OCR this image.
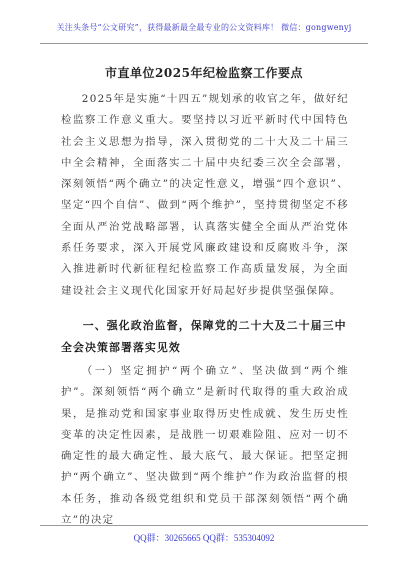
关注头条号“公文研究”，获得最新最全最专业的公文资料库！ 微信：gongwenyj
市直单位2025年纪检监察工作要点

2025年是实施“十四五”规划承的收官之年，做好纪检监察工作意义重大。要坚持以习近平新时代中国特色社会主义思想为指导，深入贯彻党的二十大及二十届三中全会精神，全面落实二十届中央纪委三次全会部署，深刻领悟“两个确立”的决定性意义，增强“四个意识”、坚定“四个自信”、做到“两个维护”，坚持贯彻坚定不移全面从严治党战略部署，认真落实健全全面从严治党体系任务要求，深入开展党风廉政建设和反腐败斗争，深入推进新时代新征程纪检监察工作高质量发展，为全面建设社会主义现代化国家开好局起好步提供坚强保障。

一、强化政治监督，保障党的二十大及二十届三中全会决策部署落实见效

（一）坚定拥护“两个确立”、坚决做到“两个维护”。深刻领悟“两个确立”是新时代取得的重大政治成果，是推动党和国家事业取得历史性成就、发生历史性变革的决定性因素，是战胜一切艰难险阻、应对一切不确定性的最大确定性、最大底气、最大保证。把坚定拥护“两个确立”、坚决做到“两个维护”作为政治监督的根本任务，推动各级党组织和党员干部深刻领悟“两个确立”的决定

QQ群：30265665 QQ群：535304092
